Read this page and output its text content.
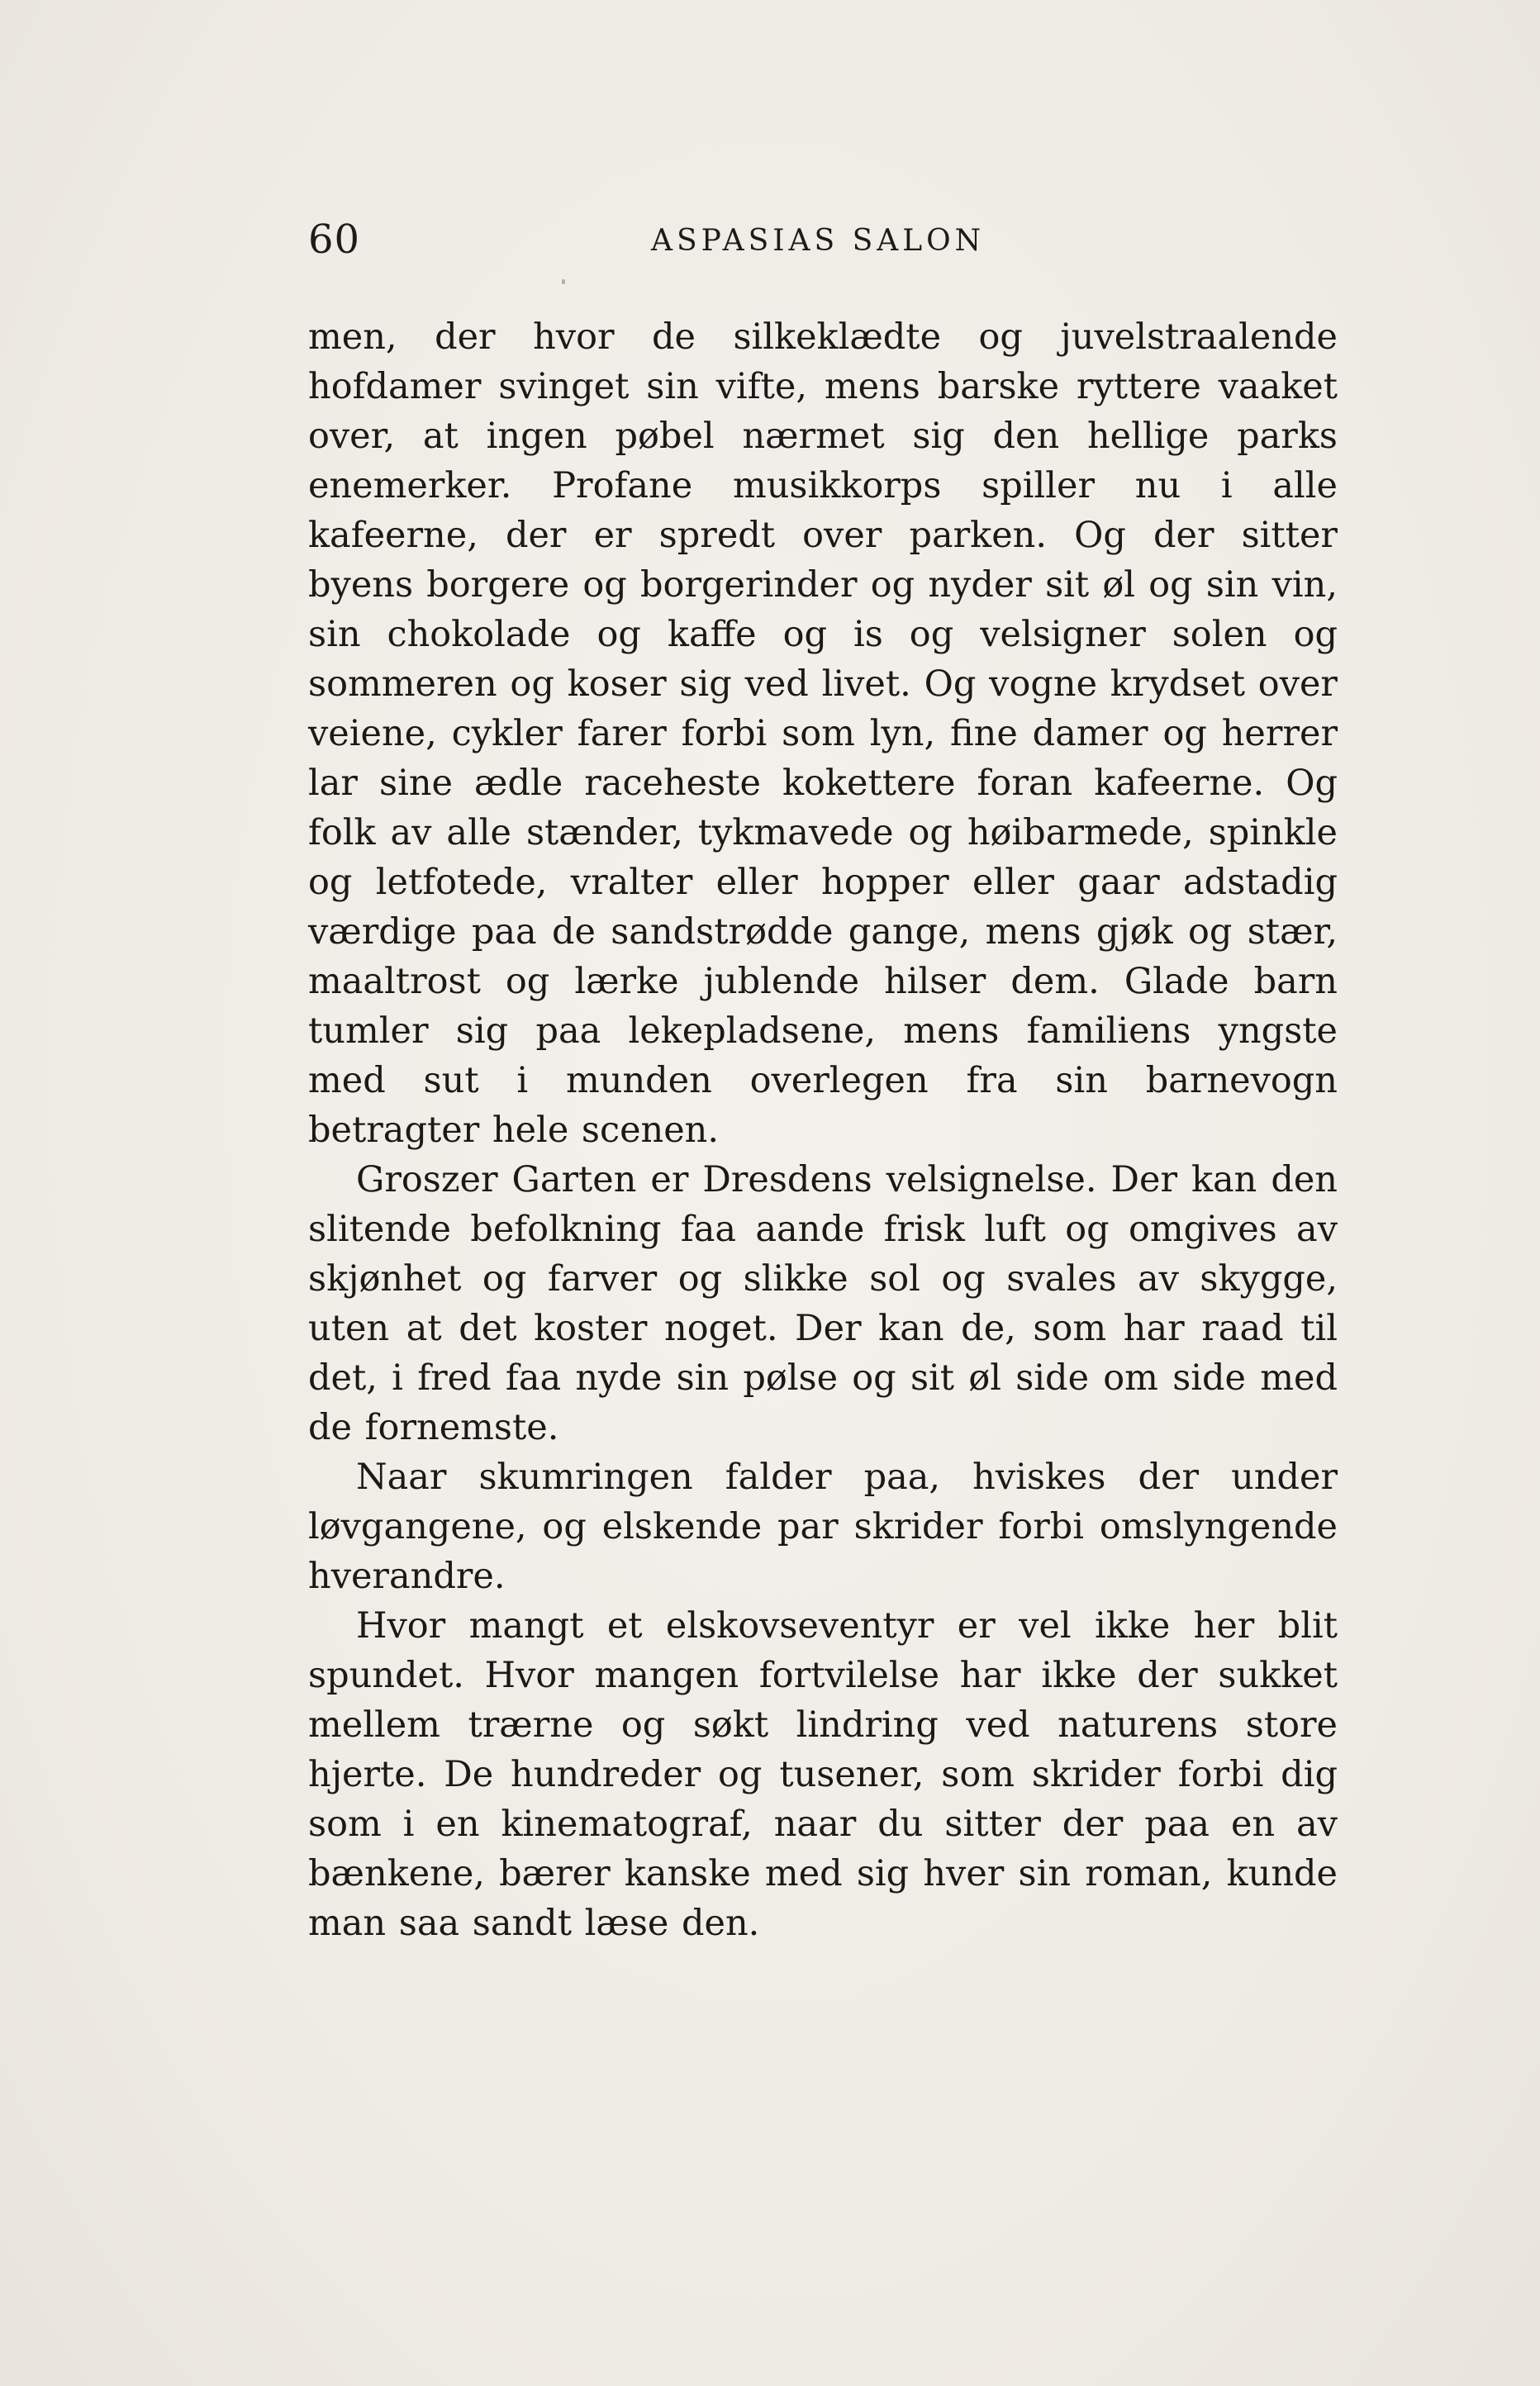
60	ASPASIAS SALON

men, der hvor de silkeklædte og juvelstraalende hofdamer svinget sin vifte, mens barske ryttere vaaket over, at ingen pøbel nærmet sig den hellige parks enemerker. Profane musikkorps spiller nu i alle kafeerne, der er spredt over parken. Og der sitter byens borgere og borgerinder og nyder sit øl og sin vin, sin chokolade og kaffe og is og velsigner solen og sommeren og koser sig ved livet. Og vogne krydset over veiene, cykler farer forbi som lyn, fine damer og herrer lar sine ædle raceheste kokettere foran kafeerne. Og folk av alle stænder, tykmavede og høibarmede, spinkle og letfotede, vralter eller hopper eller gaar adstadig værdige paa de sandstrødde gange, mens gjøk og stær, maaltrost og lærke jublende hilser dem. Glade barn tumler sig paa lekepladsene, mens familiens yngste med sut i munden overlegen fra sin barnevogn betragter hele scenen.

Groszer Garten er Dresdens velsignelse. Der kan den slitende befolkning faa aande frisk luft og omgives av skjønhet og farver og slikke sol og svales av skygge, uten at det koster noget. Der kan de, som har raad til det, i fred faa nyde sin pølse og sit øl side om side med de fornemste.

Naar skumringen falder paa, hviskes der under løvgangene, og elskende par skrider forbi omslyngende hverandre.

Hvor mangt et elskovseventyr er vel ikke her blit spundet. Hvor mangen fortvilelse har ikke der sukket mellem trærne og søkt lindring ved naturens store hjerte. De hundreder og tusener, som skrider forbi dig som i en kinematograf, naar du sitter der paa en av bænkene, bærer kanske med sig hver sin roman, kunde man saa sandt læse den.
